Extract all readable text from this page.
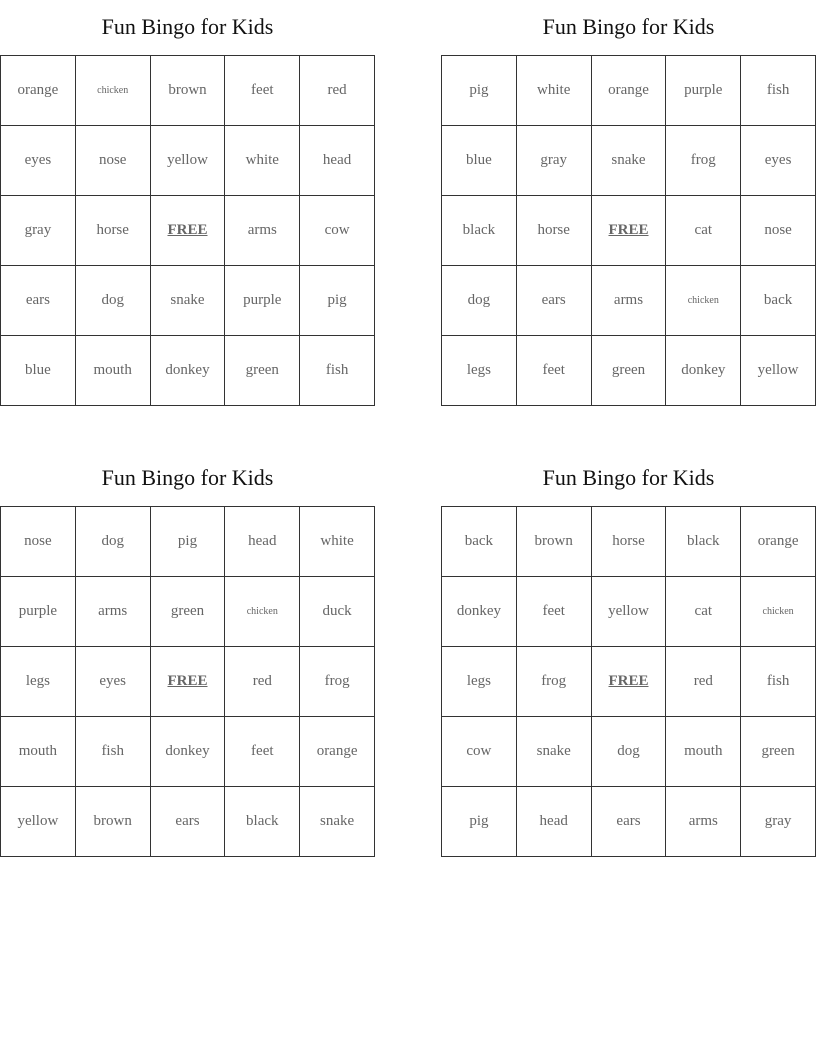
Fun Bingo for Kids
orange	chicken	brown	feet	red
eyes	nose	yellow	white	head
gray	horse	FREE	arms	cow
ears	dog	snake	purple	pig
blue	mouth	donkey	green	fish
Fun Bingo for Kids
pig	white	orange	purple	fish
blue	gray	snake	frog	eyes
black	horse	FREE	cat	nose
dog	ears	arms	chicken	back
legs	feet	green	donkey	yellow
Fun Bingo for Kids
nose	dog	pig	head	white
purple	arms	green	chicken	duck
legs	eyes	FREE	red	frog
mouth	fish	donkey	feet	orange
yellow	brown	ears	black	snake
Fun Bingo for Kids
back	brown	horse	black	orange
donkey	feet	yellow	cat	chicken
legs	frog	FREE	red	fish
cow	snake	dog	mouth	green
pig	head	ears	arms	gray
